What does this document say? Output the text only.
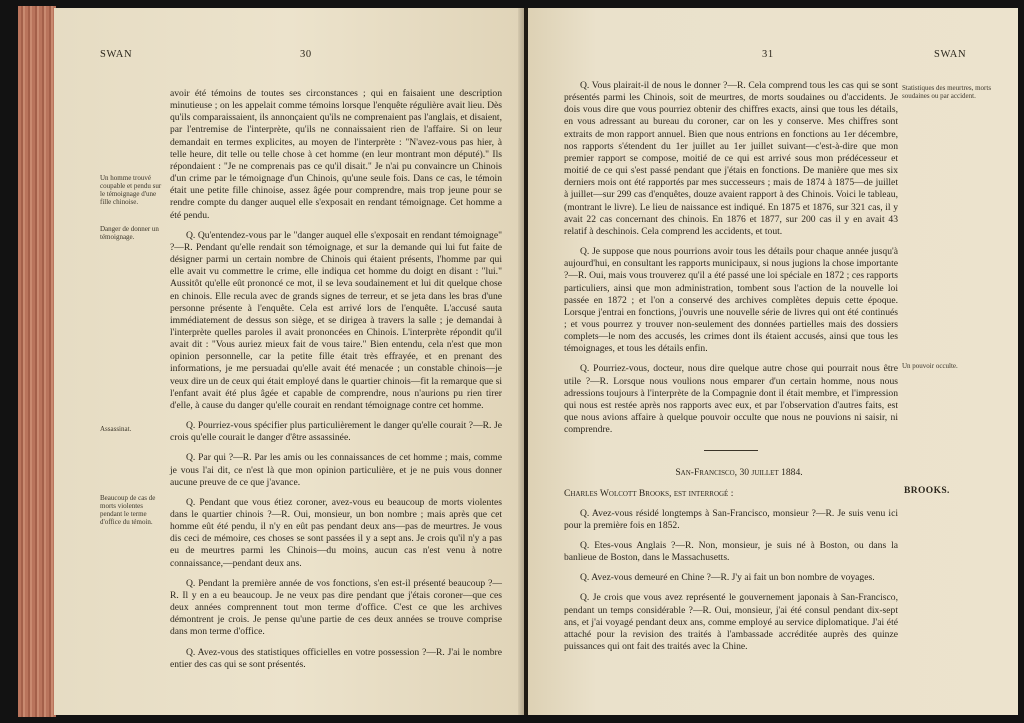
SWAN	30

avoir été témoins de toutes ses circonstances ; qui en faisaient une description minutieuse ; on les appelait comme témoins lorsque l'enquête régulière avait lieu. Dès qu'ils comparaissaient, ils annonçaient qu'ils ne comprenaient pas l'anglais, et disaient, par l'entremise de l'interprète, qu'ils ne connaissaient rien de l'affaire. Si on leur demandait en termes explicites, au moyen de l'interprète : "N'avez-vous pas hier, à telle heure, dit telle ou telle chose à cet homme (en leur montrant mon député)." Ils répondaient : "Je ne comprenais pas ce qu'il disait." Je n'ai pu convaincre un Chinois d'un crime par le témoignage d'un Chinois, qu'une seule fois. Dans ce cas, le témoin était une petite fille chinoise, assez âgée pour comprendre, mais trop jeune pour se rendre compte du danger auquel elle s'exposait en rendant témoignage. Cet homme a été pendu.

Q. Qu'entendez-vous par le "danger auquel elle s'exposait en rendant témoignage" ?—R. Pendant qu'elle rendait son témoignage, et sur la demande qui lui fut faite de désigner parmi un certain nombre de Chinois qui étaient présents, l'homme par qui elle avait vu commettre le crime, elle indiqua cet homme du doigt en disant : "lui." Aussitôt qu'elle eût prononcé ce mot, il se leva soudainement et lui dit quelque chose en chinois. Elle recula avec de grands signes de terreur, et se jeta dans les bras d'une personne présente à l'enquête. Cela est arrivé lors de l'enquête. L'accusé sauta immédiatement de dessus son siège, et se dirigea à travers la salle ; je demandai à l'interprète quelles paroles il avait prononcées en Chinois. L'interprète répondit qu'il avait dit : "Vous auriez mieux fait de vous taire." Bien entendu, cela n'est que mon opinion personnelle, car la petite fille était très effrayée, et en prenant des informations, je me persuadai qu'elle avait été menacée ; un constable chinois—je veux dire un de ceux qui était employé dans le quartier chinois—fit la remarque que si l'enfant avait été plus âgée et capable de comprendre, nous n'aurions pu rien tirer d'elle, à cause du danger qu'elle courait en rendant témoignage contre cet homme.

Q. Pourriez-vous spécifier plus particulièrement le danger qu'elle courait ?—R. Je crois qu'elle courait le danger d'être assassinée.

Q. Par qui ?—R. Par les amis ou les connaissances de cet homme ; mais, comme je vous l'ai dit, ce n'est là que mon opinion particulière, et je ne puis vous donner aucune preuve de ce que j'avance.

Q. Pendant que vous étiez coroner, avez-vous eu beaucoup de morts violentes dans le quartier chinois ?—R. Oui, monsieur, un bon nombre ; mais après que cet homme eût été pendu, il n'y en eût pas pendant deux ans—pas de meurtres. Je vous dis ceci de mémoire, ces choses se sont passées il y a sept ans. Je crois qu'il n'y a pas eu de meurtres parmi les Chinois—du moins, aucun cas n'est venu à notre connaissance,—pendant deux ans.

Q. Pendant la première année de vos fonctions, s'en est-il présenté beaucoup ?—R. Il y en a eu beaucoup. Je ne veux pas dire pendant que j'étais coroner—que ces deux années comprennent tout mon terme d'office. C'est ce que les archives démontrent je crois. Je pense qu'une partie de ces deux années se trouve comprise dans mon terme d'office.

Q. Avez-vous des statistiques officielles en votre possession ?—R. J'ai le nombre entier des cas qui se sont présentés.

Un homme trouvé coupable et pendu sur le témoignage d'une fille chinoise.
Danger de donner un témoignage.
Assassinat.
Beaucoup de cas de morts violentes pendant le terme d'office du témoin.
31	SWAN

Q. Vous plairait-il de nous le donner ?—R. Cela comprend tous les cas qui se sont présentés parmi les Chinois, soit de meurtres, de morts soudaines ou d'accidents. Je dois vous dire que vous pourriez obtenir des chiffres exacts, ainsi que tous les détails, en vous adressant au bureau du coroner, car on les y conserve. Mes chiffres sont extraits de mon rapport annuel. Bien que nous entrions en fonctions au 1er décembre, nos rapports s'étendent du 1er juillet au 1er juillet suivant—c'est-à-dire que mon premier rapport se compose, moitié de ce qui est arrivé sous mon prédécesseur et moitié de ce qui s'est passé pendant que j'étais en fonctions. De manière que mes six derniers mois ont été rapportés par mes successeurs ; mais de 1874 à 1875—de juillet à juillet—sur 299 cas d'enquêtes, douze avaient rapport à des Chinois. Voici le tableau, (montrant le livre). Le lieu de naissance est indiqué. En 1875 et 1876, sur 321 cas, il y avait 22 cas concernant des chinois. En 1876 et 1877, sur 200 cas il y en avait 43 relatif à deschinois. Cela comprend les accidents, et tout.

Q. Je suppose que nous pourrions avoir tous les détails pour chaque année jusqu'à aujourd'hui, en consultant les rapports municipaux, si nous jugions la chose importante ?—R. Oui, mais vous trouverez qu'il a été passé une loi spéciale en 1872 ; ces rapports particuliers, ainsi que mon administration, tombent sous l'action de la nouvelle loi passée en 1872 ; et l'on a conservé des archives complètes depuis cette époque. Lorsque j'entrai en fonctions, j'ouvris une nouvelle série de livres qui ont été continués ; et vous pourrez y trouver non-seulement des données partielles mais des dossiers complets—le nom des accusés, les crimes dont ils étaient accusés, ainsi que tous les témoignages, et tous les détails enfin.

Q. Pourriez-vous, docteur, nous dire quelque autre chose qui pourrait nous être utile ?—R. Lorsque nous voulions nous emparer d'un certain homme, nous nous adressions toujours à l'interprète de la Compagnie dont il était membre, et l'impression qui nous est restée après nos rapports avec eux, et par l'observation d'autres faits, est que nous avions affaire à quelque pouvoir occulte que nous ne pouvions ni saisir, ni comprendre.

San-Francisco, 30 juillet 1884.

Charles Wolcott Brooks, est interrogé :

Q. Avez-vous résidé longtemps à San-Francisco, monsieur ?—R. Je suis venu ici pour la première fois en 1852.

Q. Etes-vous Anglais ?—R. Non, monsieur, je suis né à Boston, ou dans la banlieue de Boston, dans le Massachusetts.

Q. Avez-vous demeuré en Chine ?—R. J'y ai fait un bon nombre de voyages.

Q. Je crois que vous avez représenté le gouvernement japonais à San-Francisco, pendant un temps considérable ?—R. Oui, monsieur, j'ai été consul pendant dix-sept ans, et j'ai voyagé pendant deux ans, comme employé au service diplomatique. J'ai été attaché pour la revision des traités à l'ambassade accréditée auprès des quinze puissances qui ont fait des traités avec la Chine.

Statistiques des meurtres, morts soudaines ou par accident.
Un pouvoir occulte.
BROOKS.
